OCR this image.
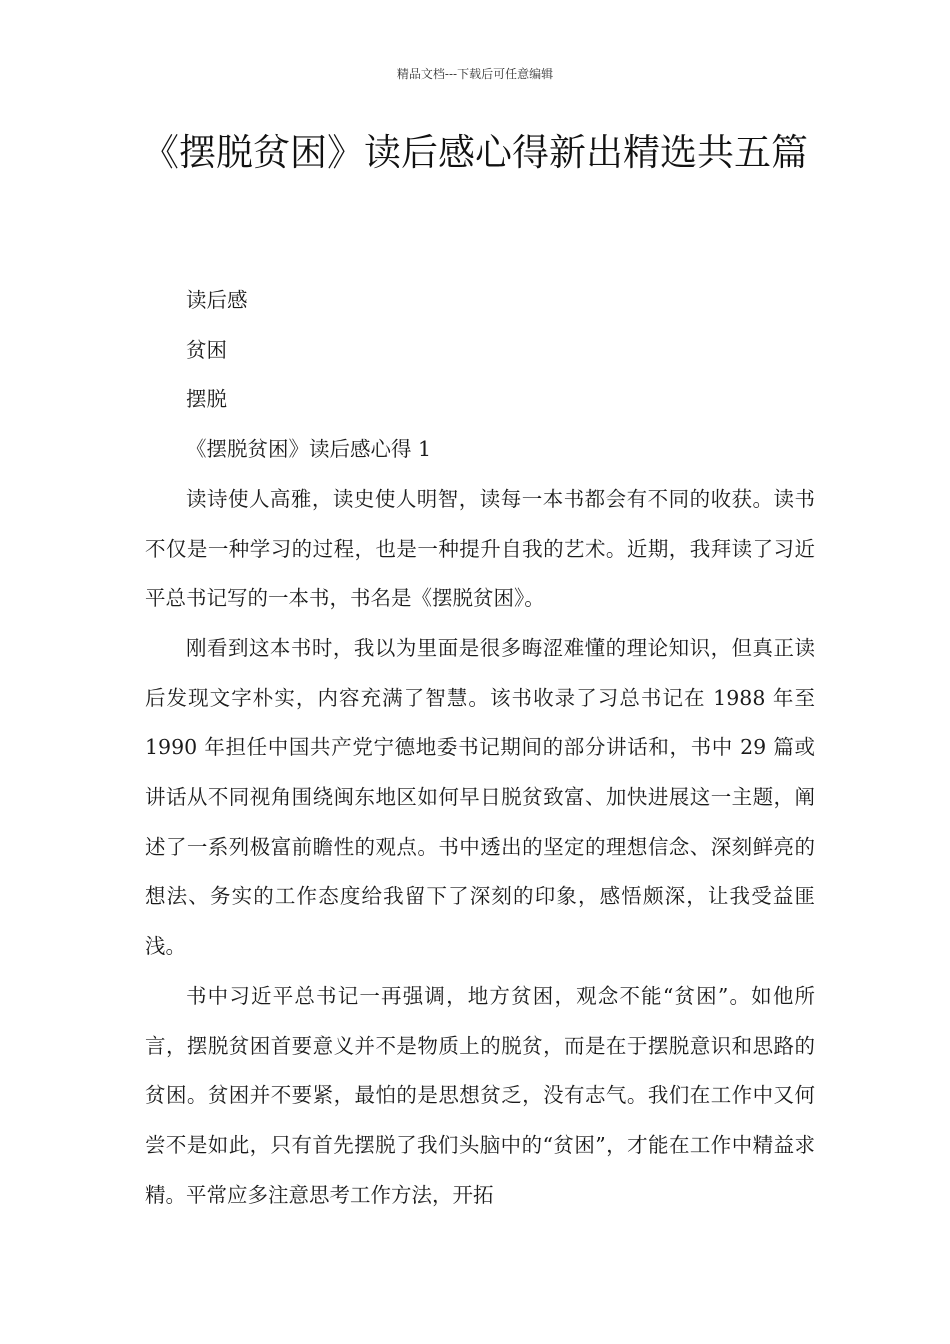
精品文档---下载后可任意编辑
《摆脱贫困》读后感心得新出精选共五篇

读后感

贫困

摆脱

《摆脱贫困》读后感心得 1

读诗使人高雅，读史使人明智，读每一本书都会有不同的收获。读书不仅是一种学习的过程，也是一种提升自我的艺术。近期，我拜读了习近平总书记写的一本书，书名是《摆脱贫困》。

刚看到这本书时，我以为里面是很多晦涩难懂的理论知识，但真正读后发现文字朴实，内容充满了智慧。该书收录了习总书记在 1988 年至 1990 年担任中国共产党宁德地委书记期间的部分讲话和，书中 29 篇或讲话从不同视角围绕闽东地区如何早日脱贫致富、加快进展这一主题，阐述了一系列极富前瞻性的观点。书中透出的坚定的理想信念、深刻鲜亮的想法、务实的工作态度给我留下了深刻的印象，感悟颇深，让我受益匪浅。

书中习近平总书记一再强调，地方贫困，观念不能“贫困”。如他所言，摆脱贫困首要意义并不是物质上的脱贫，而是在于摆脱意识和思路的贫困。贫困并不要紧，最怕的是思想贫乏，没有志气。我们在工作中又何尝不是如此，只有首先摆脱了我们头脑中的“贫困”，才能在工作中精益求精。平常应多注意思考工作方法，开拓
